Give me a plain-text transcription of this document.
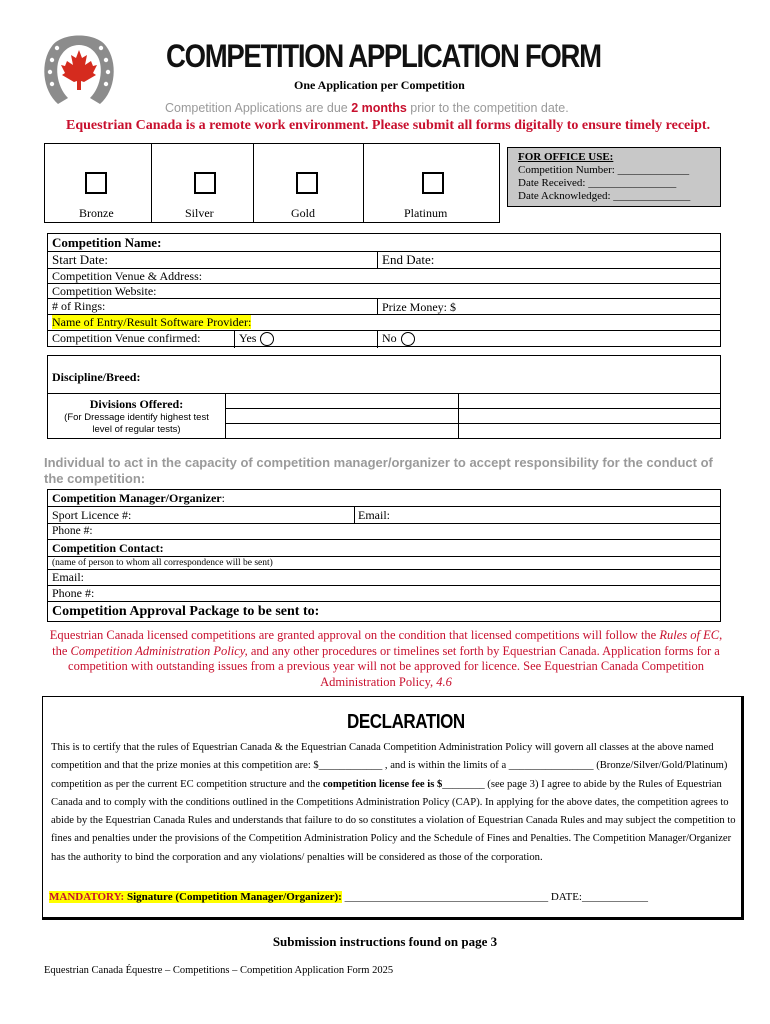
COMPETITION APPLICATION FORM
One Application per Competition
Competition Applications are due 2 months prior to the competition date.
Equestrian Canada is a remote work environment. Please submit all forms digitally to ensure timely receipt.
Bronze	Silver	Gold	Platinum
FOR OFFICE USE:
Competition Number: _____________
Date Received: ________________
Date Acknowledged: ______________
Competition Name:
Start Date:	End Date:
Competition Venue & Address:
Competition Website:
# of Rings:	Prize Money: $
Name of Entry/Result Software Provider:
Competition Venue confirmed:	Yes	No
Discipline/Breed:
Divisions Offered:
(For Dressage identify highest test level of regular tests)
Individual to act in the capacity of competition manager/organizer to accept responsibility for the conduct of the competition:
Competition Manager/Organizer:
Sport Licence #:	Email:
Phone #:
Competition Contact:
(name of person to whom all correspondence will be sent)
Email:
Phone #:
Competition Approval Package to be sent to:
Equestrian Canada licensed competitions are granted approval on the condition that licensed competitions will follow the Rules of EC, the Competition Administration Policy, and any other procedures or timelines set forth by Equestrian Canada. Application forms for a competition with outstanding issues from a previous year will not be approved for licence. See Equestrian Canada Competition Administration Policy, 4.6
DECLARATION
This is to certify that the rules of Equestrian Canada & the Equestrian Canada Competition Administration Policy will govern all classes at the above named competition and that the prize monies at this competition are: $____________ , and is within the limits of a ________________ (Bronze/Silver/Gold/Platinum) competition as per the current EC competition structure and the competition license fee is $________ (see page 3) I agree to abide by the Rules of Equestrian Canada and to comply with the conditions outlined in the Competitions Administration Policy (CAP). In applying for the above dates, the competition agrees to abide by the Equestrian Canada Rules and understands that failure to do so constitutes a violation of Equestrian Canada Rules and may subject the competition to fines and penalties under the provisions of the Competition Administration Policy and the Schedule of Fines and Penalties. The Competition Manager/Organizer has the authority to bind the corporation and any violations/ penalties will be considered as those of the corporation.
MANDATORY: Signature (Competition Manager/Organizer): _____________________________________ DATE:____________
Submission instructions found on page 3
Equestrian Canada Équestre – Competitions – Competition Application Form 2025
